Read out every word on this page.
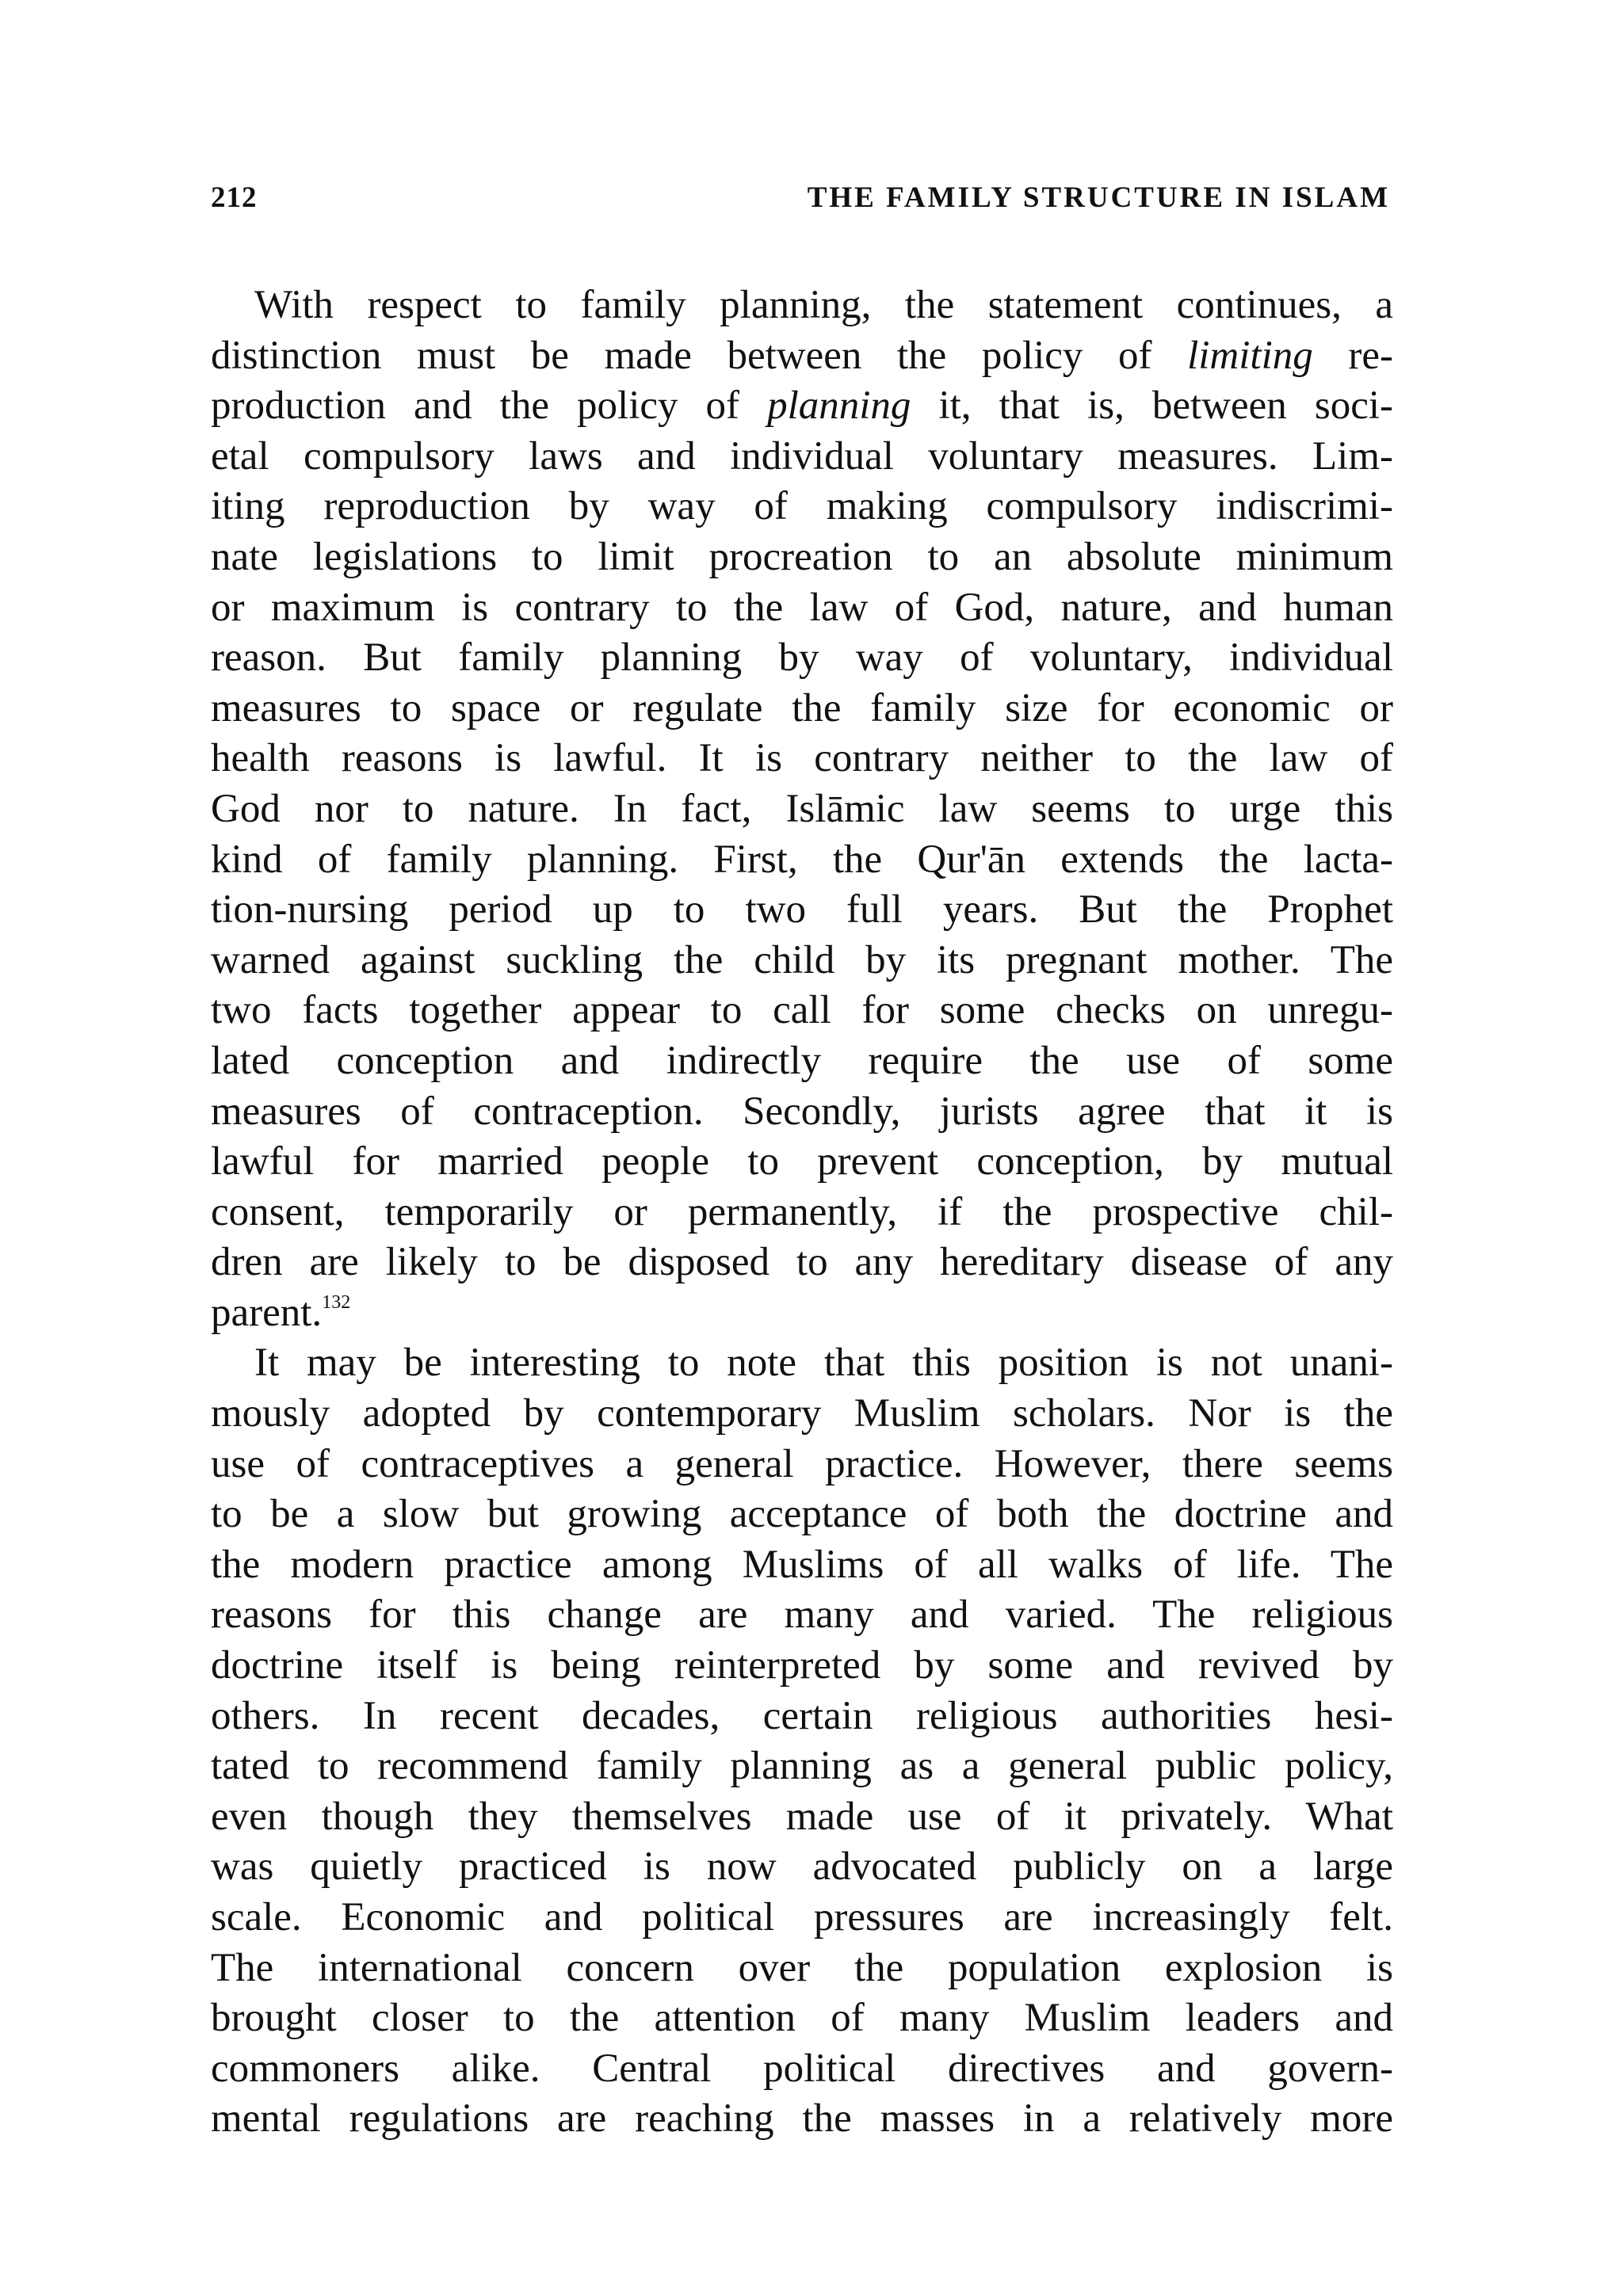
212	THE FAMILY STRUCTURE IN ISLAM
With respect to family planning, the statement continues, a
distinction must be made between the policy of limiting re-
production and the policy of planning it, that is, between soci-
etal compulsory laws and individual voluntary measures. Lim-
iting reproduction by way of making compulsory indiscrimi-
nate legislations to limit procreation to an absolute minimum
or maximum is contrary to the law of God, nature, and human
reason. But family planning by way of voluntary, individual
measures to space or regulate the family size for economic or
health reasons is lawful. It is contrary neither to the law of
God nor to nature. In fact, Islāmic law seems to urge this
kind of family planning. First, the Qur'ān extends the lacta-
tion-nursing period up to two full years. But the Prophet
warned against suckling the child by its pregnant mother. The
two facts together appear to call for some checks on unregu-
lated conception and indirectly require the use of some
measures of contraception. Secondly, jurists agree that it is
lawful for married people to prevent conception, by mutual
consent, temporarily or permanently, if the prospective chil-
dren are likely to be disposed to any hereditary disease of any
parent.$^{132}$
It may be interesting to note that this position is not unani-
mously adopted by contemporary Muslim scholars. Nor is the
use of contraceptives a general practice. However, there seems
to be a slow but growing acceptance of both the doctrine and
the modern practice among Muslims of all walks of life. The
reasons for this change are many and varied. The religious
doctrine itself is being reinterpreted by some and revived by
others. In recent decades, certain religious authorities hesi-
tated to recommend family planning as a general public policy,
even though they themselves made use of it privately. What
was quietly practiced is now advocated publicly on a large
scale. Economic and political pressures are increasingly felt.
The international concern over the population explosion is
brought closer to the attention of many Muslim leaders and
commoners alike. Central political directives and govern-
mental regulations are reaching the masses in a relatively more
